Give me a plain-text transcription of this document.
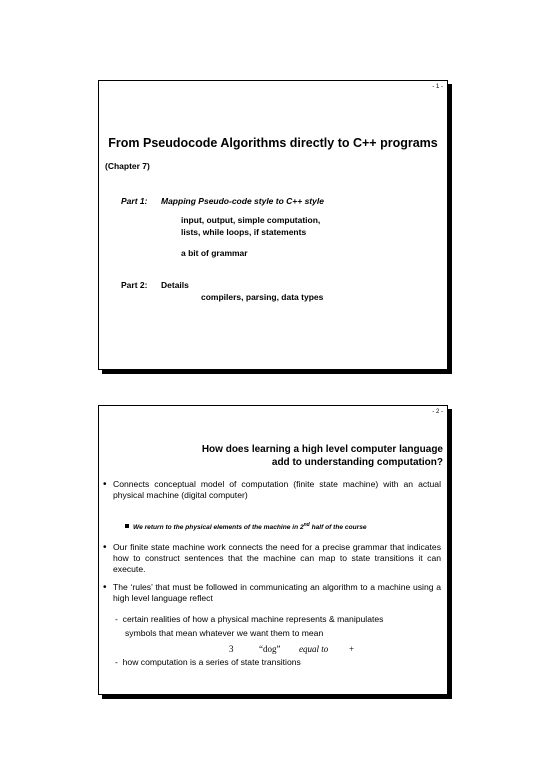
- 1 -
From Pseudocode Algorithms directly to C++ programs
(Chapter 7)
Part 1: Mapping Pseudo-code style to C++ style
input, output, simple computation,
lists, while loops, if statements
a bit of grammar
Part 2: Details
compilers, parsing, data types
- 2 -
How does learning a high level computer language
add to understanding computation?
• Connects conceptual model of computation (finite state machine) with an actual physical machine (digital computer)
We return to the physical elements of the machine in 2nd half of the course
• Our finite state machine work connects the need for a precise grammar that indicates how to construct sentences that the machine can map to state transitions it can execute.
• The ‘rules’ that must be followed in communicating an algorithm to a machine using a high level language reflect
-  certain realities of how a physical machine represents & manipulates
symbols that mean whatever we want them to mean
3	“dog” equal to +
-  how computation is a series of state transitions
